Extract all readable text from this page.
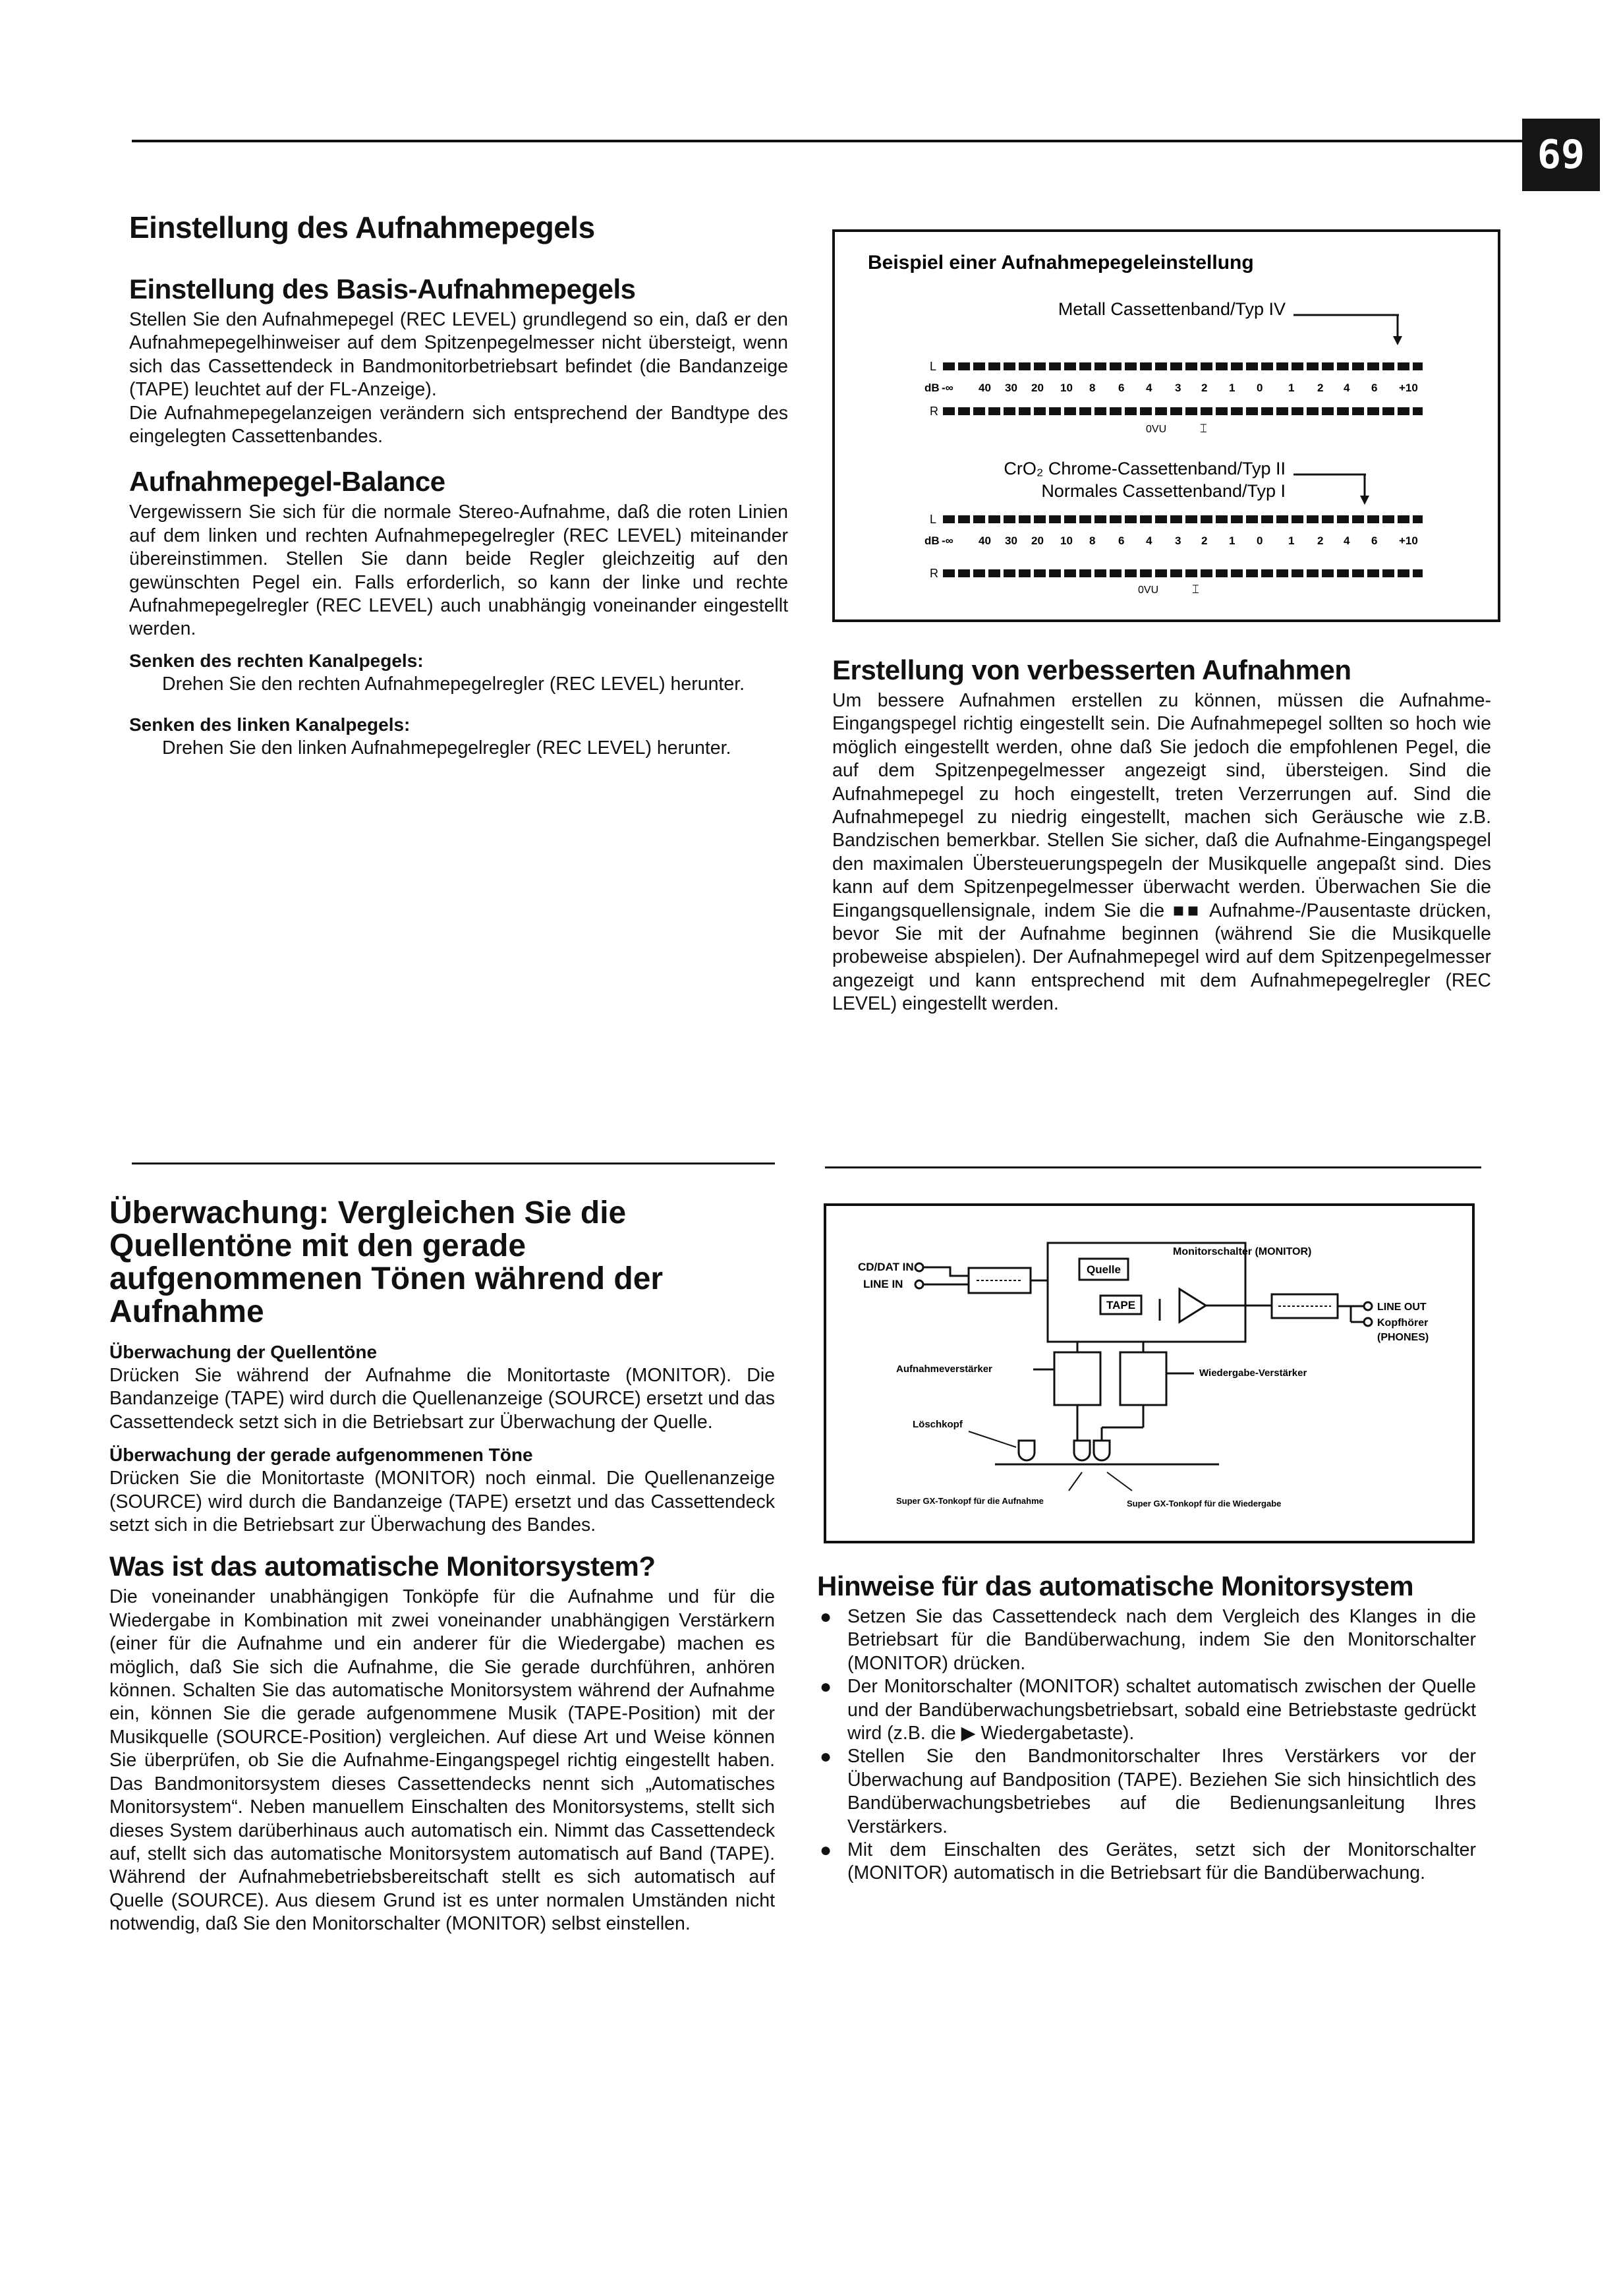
69
Einstellung des Aufnahmepegels
Einstellung des Basis-Aufnahmepegels

Stellen Sie den Aufnahmepegel (REC LEVEL) grundlegend so ein, daß er den Aufnahmepegelhinweiser auf dem Spitzenpegelmesser nicht übersteigt, wenn sich das Cassettendeck in Bandmonitorbetriebsart befindet (die Bandanzeige (TAPE) leuchtet auf der FL-Anzeige).

Die Aufnahmepegelanzeigen verändern sich entsprechend der Bandtype des eingelegten Cassettenbandes.

Aufnahmepegel-Balance

Vergewissern Sie sich für die normale Stereo-Aufnahme, daß die roten Linien auf dem linken und rechten Aufnahmepegelregler (REC LEVEL) miteinander übereinstimmen. Stellen Sie dann beide Regler gleichzeitig auf den gewünschten Pegel ein. Falls erforderlich, so kann der linke und rechte Aufnahmepegelregler (REC LEVEL) auch unabhängig voneinander eingestellt werden.

Senken des rechten Kanalpegels:

Drehen Sie den rechten Aufnahmepegelregler (REC LEVEL) herunter.

Senken des linken Kanalpegels:

Drehen Sie den linken Aufnahmepegelregler (REC LEVEL) herunter.

Beispiel einer Aufnahmepegeleinstellung
Metall Cassettenband/Typ IV
L
dB -∞ 40 30 20 10 8 6 4 3 2 1 0 1 2 4 6 +10
R
0VU	⌶
CrO₂ Chrome-Cassettenband/Typ II
Normales Cassettenband/Typ I
L
dB -∞ 40 30 20 10 8 6 4 3 2 1 0 1 2 4 6 +10
R
0VU	⌶
Erstellung von verbesserten Aufnahmen

Um bessere Aufnahmen erstellen zu können, müssen die Aufnahme-Eingangspegel richtig eingestellt sein. Die Aufnahmepegel sollten so hoch wie möglich eingestellt werden, ohne daß Sie jedoch die empfohlenen Pegel, die auf dem Spitzenpegelmesser angezeigt sind, übersteigen. Sind die Aufnahmepegel zu hoch eingestellt, treten Verzerrungen auf. Sind die Aufnahmepegel zu niedrig eingestellt, machen sich Geräusche wie z.B. Bandzischen bemerkbar. Stellen Sie sicher, daß die Aufnahme-Eingangspegel den maximalen Übersteuerungspegeln der Musikquelle angepaßt sind. Dies kann auf dem Spitzenpegelmesser überwacht werden. Überwachen Sie die Eingangsquellensignale, indem Sie die ■■ Aufnahme-/Pausentaste drücken, bevor Sie mit der Aufnahme beginnen (während Sie die Musikquelle probeweise abspielen). Der Aufnahmepegel wird auf dem Spitzenpegelmesser angezeigt und kann entsprechend mit dem Aufnahmepegelregler (REC LEVEL) eingestellt werden.

Überwachung: Vergleichen Sie die Quellentöne mit den gerade aufgenommenen Tönen während der Aufnahme
Überwachung der Quellentöne

Drücken Sie während der Aufnahme die Monitortaste (MONITOR). Die Bandanzeige (TAPE) wird durch die Quellenanzeige (SOURCE) ersetzt und das Cassettendeck setzt sich in die Betriebsart zur Überwachung der Quelle.

Überwachung der gerade aufgenommenen Töne

Drücken Sie die Monitortaste (MONITOR) noch einmal. Die Quellenanzeige (SOURCE) wird durch die Bandanzeige (TAPE) ersetzt und das Cassettendeck setzt sich in die Betriebsart zur Überwachung des Bandes.

Was ist das automatische Monitorsystem?

Die voneinander unabhängigen Tonköpfe für die Aufnahme und für die Wiedergabe in Kombination mit zwei voneinander unabhängigen Verstärkern (einer für die Aufnahme und ein anderer für die Wiedergabe) machen es möglich, daß Sie sich die Aufnahme, die Sie gerade durchführen, anhören können. Schalten Sie das automatische Monitorsystem während der Aufnahme ein, können Sie die gerade aufgenommene Musik (TAPE-Position) mit der Musikquelle (SOURCE-Position) vergleichen. Auf diese Art und Weise können Sie überprüfen, ob Sie die Aufnahme-Eingangspegel richtig eingestellt haben. Das Bandmonitorsystem dieses Cassettendecks nennt sich „Automatisches Monitorsystem“. Neben manuellem Einschalten des Monitorsystems, stellt sich dieses System darüberhinaus auch automatisch ein. Nimmt das Cassettendeck auf, stellt sich das automatische Monitorsystem automatisch auf Band (TAPE). Während der Aufnahmebetriebsbereitschaft stellt es sich automatisch auf Quelle (SOURCE). Aus diesem Grund ist es unter normalen Umständen nicht notwendig, daß Sie den Monitorschalter (MONITOR) selbst einstellen.

Monitorschalter (MONITOR)
CD/DAT IN
LINE IN
Quelle
TAPE	LINE OUT
Kopfhörer
(PHONES)
Aufnahmeverstärker	Wiedergabe-Verstärker
Löschkopf
Super GX-Tonkopf für die Aufnahme	Super GX-Tonkopf für die Wiedergabe
Hinweise für das automatische Monitorsystem
● Setzen Sie das Cassettendeck nach dem Vergleich des Klanges in die Betriebsart für die Bandüberwachung, indem Sie den Monitorschalter (MONITOR) drücken.
● Der Monitorschalter (MONITOR) schaltet automatisch zwischen der Quelle und der Bandüberwachungsbetriebsart, sobald eine Betriebstaste gedrückt wird (z.B. die ▶ Wiedergabetaste).
● Stellen Sie den Bandmonitorschalter Ihres Verstärkers vor der Überwachung auf Bandposition (TAPE). Beziehen Sie sich hinsichtlich des Bandüberwachungsbetriebes auf die Bedienungsanleitung Ihres Verstärkers.
● Mit dem Einschalten des Gerätes, setzt sich der Monitorschalter (MONITOR) automatisch in die Betriebsart für die Bandüberwachung.
